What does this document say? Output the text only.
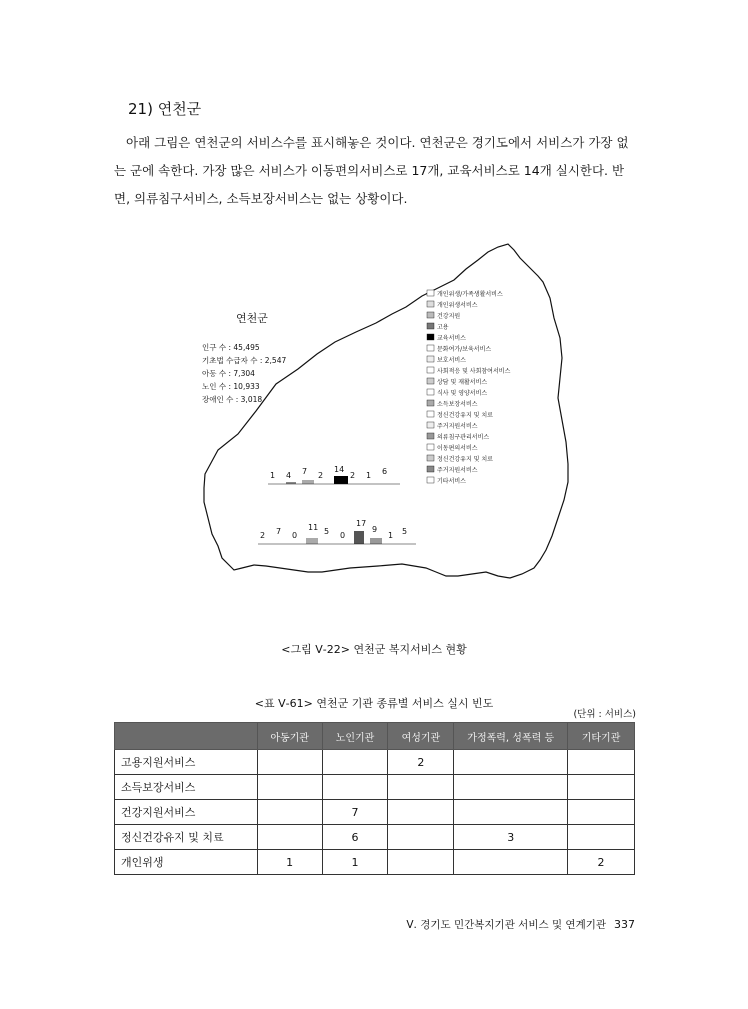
21) 연천군
아래 그림은 연천군의 서비스수를 표시해놓은 것이다. 연천군은 경기도에서 서비스가 가장 없는 군에 속한다. 가장 많은 서비스가 이동편의서비스로 17개, 교육서비스로 14개 실시한다. 반면, 의류침구서비스, 소득보장서비스는 없는 상황이다.
연천군
인구 수 : 45,495
기초법 수급자 수 : 2,547
아동 수 : 7,304
노인 수 : 10,933
장애인 수 : 3,018
개인위생/가족생활서비스
개인위생서비스
건강지원
고용
교육서비스
문화여가/보육서비스
보호서비스
사회적응 및 사회참여서비스
상담 및 재활서비스
식사 및 영양서비스
소득보장서비스
정신건강유지 및 치료
주거지원서비스
의류침구관리서비스
이동편의서비스
정신건강유지 및 치료
주거지원서비스
기타서비스
1 4 7 2
14
2 1 6
2 7 0
11 5 0
17
9
1 5
<그림 Ⅴ-22> 연천군 복지서비스 현황
<표 Ⅴ-61> 연천군 기관 종류별 서비스 실시 빈도
(단위 : 서비스)
	아동기관	노인기관	여성기관	가정폭력, 성폭력 등	기타기관
고용지원서비스			2		
소득보장서비스					
건강지원서비스		7			
정신건강유지 및 치료		6		3	
개인위생	1	1			2
Ⅴ. 경기도 민간복지기관 서비스 및 연계기관 337
